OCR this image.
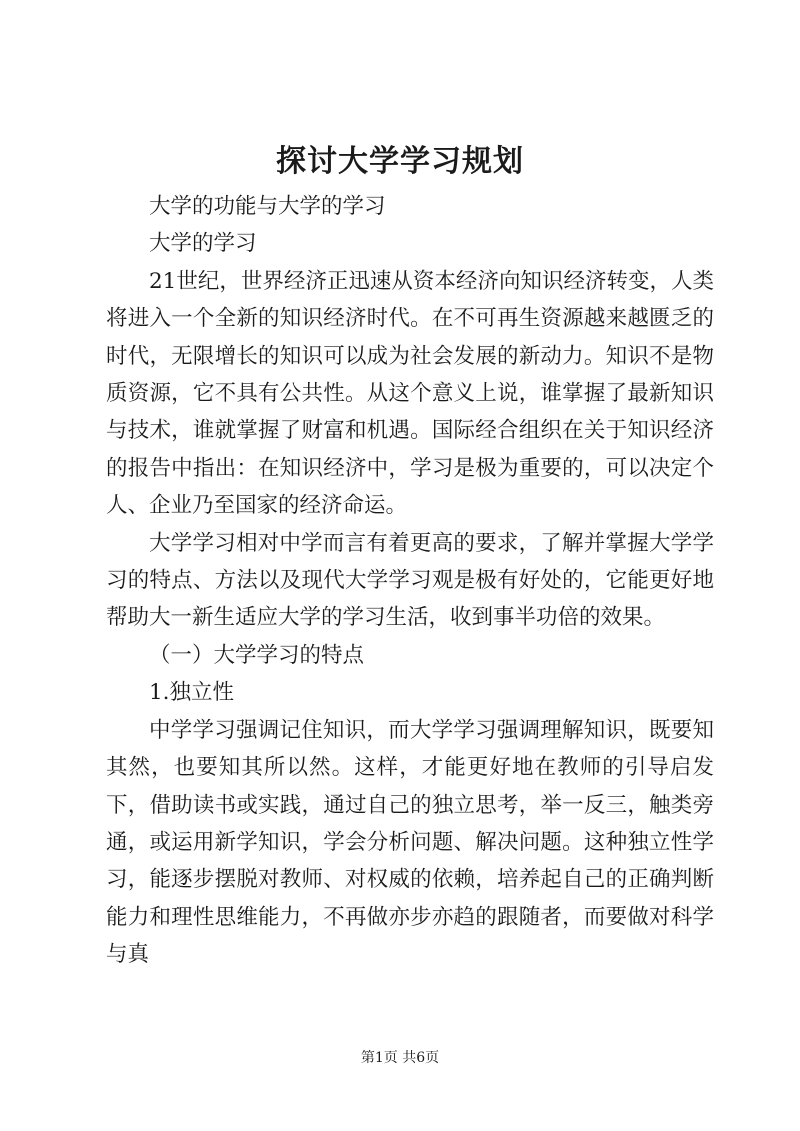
探讨大学学习规划

大学的功能与大学的学习

大学的学习

21世纪，世界经济正迅速从资本经济向知识经济转变，人类将进入一个全新的知识经济时代。在不可再生资源越来越匮乏的时代，无限增长的知识可以成为社会发展的新动力。知识不是物质资源，它不具有公共性。从这个意义上说，谁掌握了最新知识与技术，谁就掌握了财富和机遇。国际经合组织在关于知识经济的报告中指出：在知识经济中，学习是极为重要的，可以决定个人、企业乃至国家的经济命运。

大学学习相对中学而言有着更高的要求，了解并掌握大学学习的特点、方法以及现代大学学习观是极有好处的，它能更好地帮助大一新生适应大学的学习生活，收到事半功倍的效果。

（一）大学学习的特点

1.独立性

中学学习强调记住知识，而大学学习强调理解知识，既要知其然，也要知其所以然。这样，才能更好地在教师的引导启发下，借助读书或实践，通过自己的独立思考，举一反三，触类旁通，或运用新学知识，学会分析问题、解决问题。这种独立性学习，能逐步摆脱对教师、对权威的依赖，培养起自己的正确判断能力和理性思维能力，不再做亦步亦趋的跟随者，而要做对科学与真

第1页 共6页
